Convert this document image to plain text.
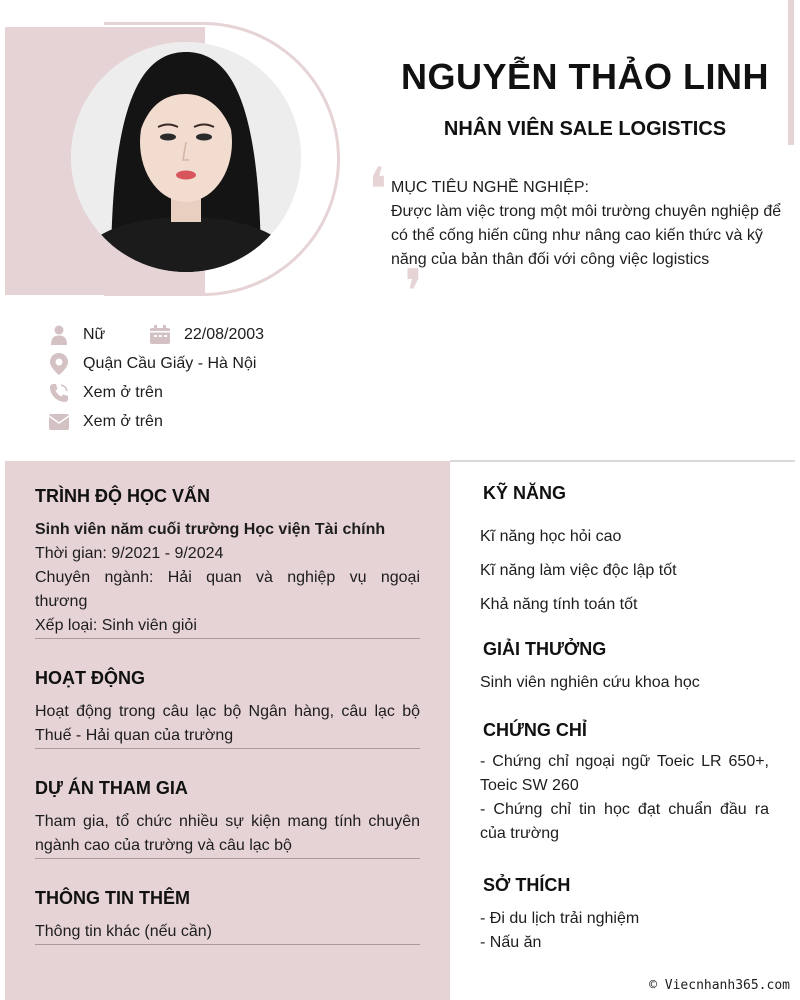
NGUYỄN THẢO LINH
NHÂN VIÊN SALE LOGISTICS
❛ MỤC TIÊU NGHỀ NGHIỆP:
Được làm việc trong một môi trường chuyên nghiệp để có thể cống hiến cũng như nâng cao kiến thức và kỹ năng của bản thân đối với công việc logistics
❜
Nữ	22/08/2003
Quận Cầu Giấy - Hà Nội
Xem ở trên
Xem ở trên
TRÌNH ĐỘ HỌC VẤN
Sinh viên năm cuối trường Học viện Tài chính
Thời gian: 9/2021 - 9/2024
Chuyên ngành: Hải quan và nghiệp vụ ngoại thương
Xếp loại: Sinh viên giỏi
HOẠT ĐỘNG
Hoạt động trong câu lạc bộ Ngân hàng, câu lạc bộ Thuế - Hải quan của trường
DỰ ÁN THAM GIA
Tham gia, tổ chức nhiều sự kiện mang tính chuyên ngành cao của trường và câu lạc bộ
THÔNG TIN THÊM
Thông tin khác (nếu cần)
KỸ NĂNG
Kĩ năng học hỏi cao
Kĩ năng làm việc độc lập tốt
Khả năng tính toán tốt
GIẢI THƯỞNG
Sinh viên nghiên cứu khoa học
CHỨNG CHỈ
- Chứng chỉ ngoại ngữ Toeic LR 650+, Toeic SW 260
- Chứng chỉ tin học đạt chuẩn đầu ra của trường
SỞ THÍCH
- Đi du lịch trải nghiệm
- Nấu ăn
© Viecnhanh365.com
